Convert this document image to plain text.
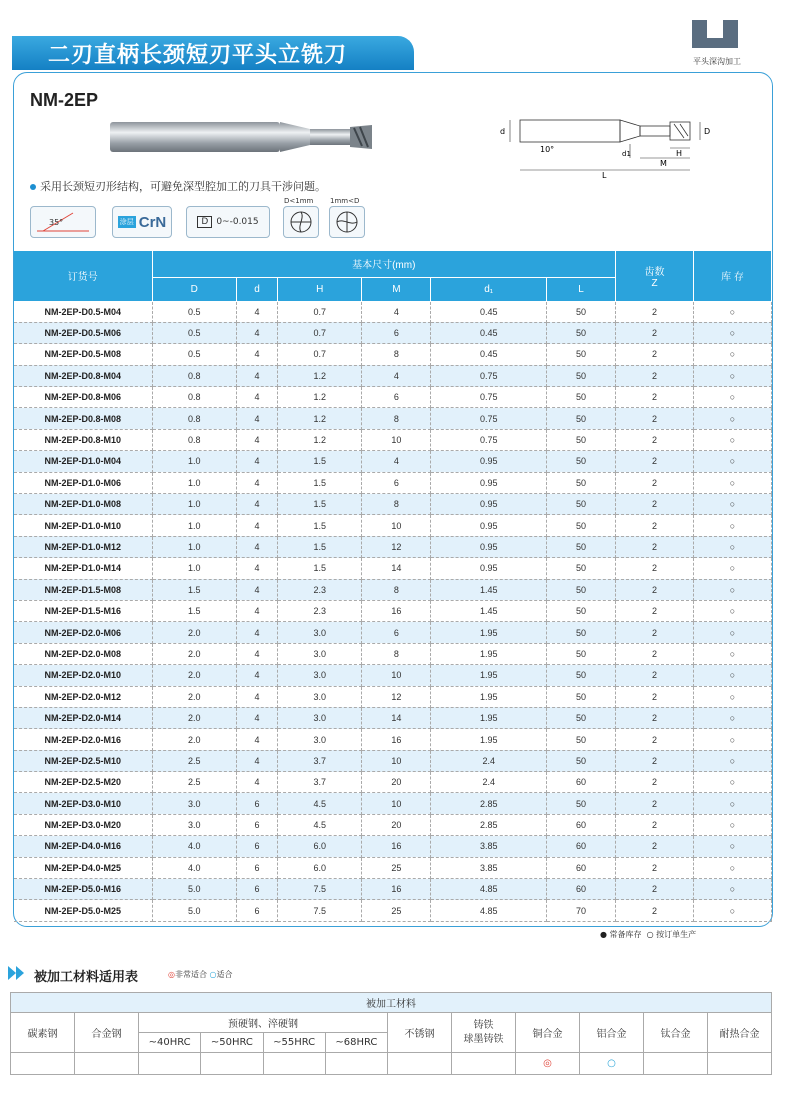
二刃直柄长颈短刃平头立铣刀	平头深沟加工
NM-2EP
d
10°	d1
M
H
D
L
采用长颈短刃形结构，可避免深型腔加工的刀具干涉问题。
35°	涂层 CrN	D 0~-0.015
D<1mm 1mm<D
订货号	基本尺寸(mm)						齿数
Z	库 存
	D	d	H	M	d₁	L		
NM-2EP-D0.5-M04	0.5	4	0.7	4	0.45	50	2	○
NM-2EP-D0.5-M06	0.5	4	0.7	6	0.45	50	2	○
NM-2EP-D0.5-M08	0.5	4	0.7	8	0.45	50	2	○
NM-2EP-D0.8-M04	0.8	4	1.2	4	0.75	50	2	○
NM-2EP-D0.8-M06	0.8	4	1.2	6	0.75	50	2	○
NM-2EP-D0.8-M08	0.8	4	1.2	8	0.75	50	2	○
NM-2EP-D0.8-M10	0.8	4	1.2	10	0.75	50	2	○
NM-2EP-D1.0-M04	1.0	4	1.5	4	0.95	50	2	○
NM-2EP-D1.0-M06	1.0	4	1.5	6	0.95	50	2	○
NM-2EP-D1.0-M08	1.0	4	1.5	8	0.95	50	2	○
NM-2EP-D1.0-M10	1.0	4	1.5	10	0.95	50	2	○
NM-2EP-D1.0-M12	1.0	4	1.5	12	0.95	50	2	○
NM-2EP-D1.0-M14	1.0	4	1.5	14	0.95	50	2	○
NM-2EP-D1.5-M08	1.5	4	2.3	8	1.45	50	2	○
NM-2EP-D1.5-M16	1.5	4	2.3	16	1.45	50	2	○
NM-2EP-D2.0-M06	2.0	4	3.0	6	1.95	50	2	○
NM-2EP-D2.0-M08	2.0	4	3.0	8	1.95	50	2	○
NM-2EP-D2.0-M10	2.0	4	3.0	10	1.95	50	2	○
NM-2EP-D2.0-M12	2.0	4	3.0	12	1.95	50	2	○
NM-2EP-D2.0-M14	2.0	4	3.0	14	1.95	50	2	○
NM-2EP-D2.0-M16	2.0	4	3.0	16	1.95	50	2	○
NM-2EP-D2.5-M10	2.5	4	3.7	10	2.4	50	2	○
NM-2EP-D2.5-M20	2.5	4	3.7	20	2.4	60	2	○
NM-2EP-D3.0-M10	3.0	6	4.5	10	2.85	50	2	○
NM-2EP-D3.0-M20	3.0	6	4.5	20	2.85	60	2	○
NM-2EP-D4.0-M16	4.0	6	6.0	16	3.85	60	2	○
NM-2EP-D4.0-M25	4.0	6	6.0	25	3.85	60	2	○
NM-2EP-D5.0-M16	5.0	6	7.5	16	4.85	60	2	○
NM-2EP-D5.0-M25	5.0	6	7.5	25	4.85	70	2	○
● 常备库存 ○ 按订单生产
被加工材料适用表	◎非常适合 ○适合
被加工材料											
碳素钢	合金钢	预硬钢、淬硬钢				不锈钢	铸铁
球墨铸铁	铜合金	铝合金	钛合金	耐热合金
		~40HRC	~50HRC	~55HRC	~68HRC						
								◎	○		
